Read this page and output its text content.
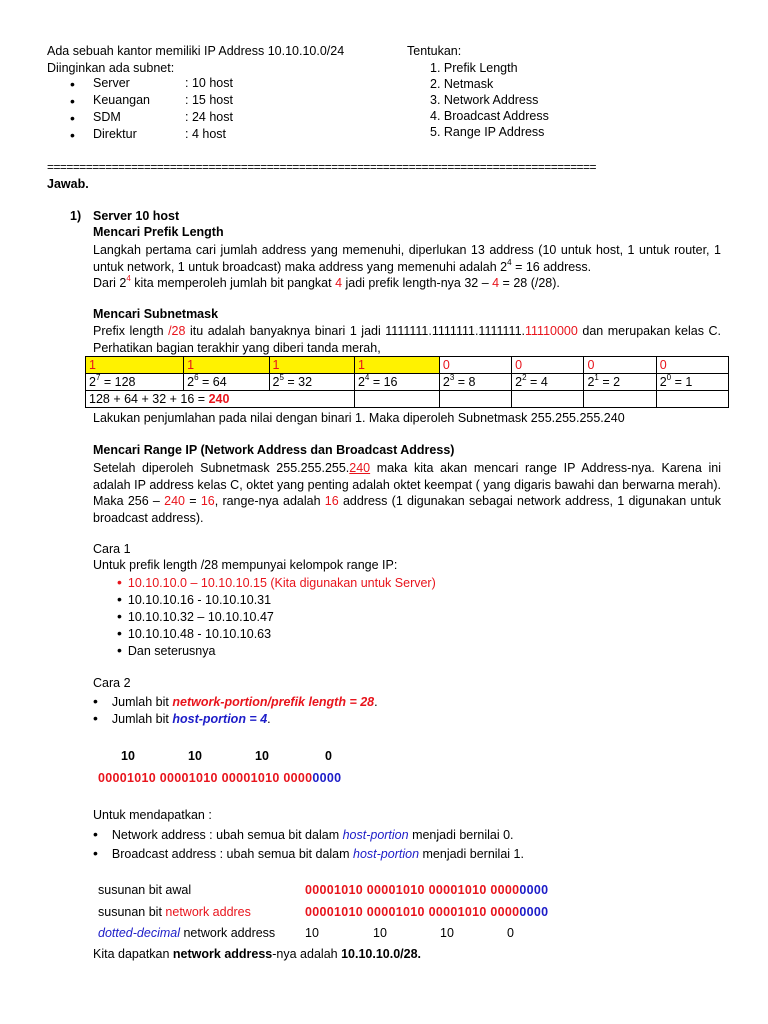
Ada sebuah kantor memiliki IP Address 10.10.10.0/24
Diinginkan ada subnet:
• Server	: 10 host
• Keuangan	: 15 host
• SDM	: 24 host
• Direktur	: 4 host
Tentukan:
1. Prefik Length
2. Netmask
3. Network Address
4. Broadcast Address
5. Range IP Address
=====================================================================================
Jawab.
1) Server 10 host
Mencari Prefik Length
Langkah pertama cari jumlah address yang memenuhi, diperlukan 13 address (10 untuk host, 1 untuk router, 1 untuk network, 1 untuk broadcast) maka address yang memenuhi adalah $2^4 = 16$ address.
Dari $2^4$ kita memperoleh jumlah bit pangkat 4 jadi prefik length-nya 32 – 4 = 28 (/28).
Mencari Subnetmask
Prefix length /28 itu adalah banyaknya binari 1 jadi 1111111.1111111.1111111.11110000 dan merupakan kelas C. Perhatikan bagian terakhir yang diberi tanda merah,
1	1	1	1	0	0	0	0
$2^7 = 128$	$2^6 = 64$	$2^5 = 32$	$2^4 = 16$	$2^3 = 8$	$2^2 = 4$	$2^1 = 2$	$2^0 = 1$
128 + 64 + 32 + 16 = 240							
Lakukan penjumlahan pada nilai dengan binari 1. Maka diperoleh Subnetmask 255.255.255.240
Mencari Range IP (Network Address dan Broadcast Address)
Setelah diperoleh Subnetmask 255.255.255.240 maka kita akan mencari range IP Address-nya. Karena ini adalah IP address kelas C, oktet yang penting adalah oktet keempat ( yang digaris bawahi dan berwarna merah). Maka 256 – 240 = 16, range-nya adalah 16 address (1 digunakan sebagai network address, 1 digunakan untuk broadcast address).
Cara 1
Untuk prefik length /28 mempunyai kelompok range IP:
• 10.10.10.0 – 10.10.10.15 (Kita digunakan untuk Server)
• 10.10.10.16 - 10.10.10.31
• 10.10.10.32 – 10.10.10.47
• 10.10.10.48 - 10.10.10.63
• Dan seterusnya
Cara 2
• Jumlah bit network-portion/prefik length = 28.
• Jumlah bit host-portion = 4.
10	10	10	0
00001010 00001010 00001010 00000000
Untuk mendapatkan :
• Network address : ubah semua bit dalam host-portion menjadi bernilai 0.
• Broadcast address : ubah semua bit dalam host-portion menjadi bernilai 1.
susunan bit awal	00001010 00001010 00001010 00000000
susunan bit network addres	00001010 00001010 00001010 00000000
dotted-decimal network address 10	10	10	0
Kita dapatkan network address-nya adalah 10.10.10.0/28.
